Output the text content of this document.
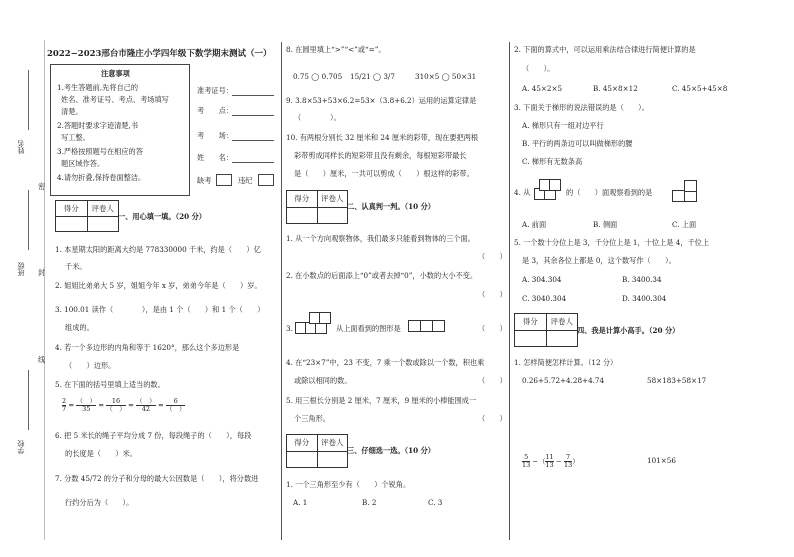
姓名
班级
学校
密
封
线
2022−2023邢台市隆庄小学四年级下数学期末测试（一）
注意事项
1.考生答题前,先将自己的
姓名、准考证号、考点、考场填写
清楚。
2.答题时要求字迹清楚,书
写工整。
3.严格按照题号在相应的答
题区域作答。
4.请勿折叠,保持卷面整洁。
准考证号：
考　　点：
考　　场：
姓　　名：
缺考	违纪
得分	评卷人
一、用心填一填。（20 分）
1. 本星期太阳的距离大约是 778330000 千米，约是（　　）亿
千米。
2. 姐姐比弟弟大 5 岁，姐姐今年 x 岁，弟弟今年是（　　）岁。
3. 100.01 读作（　　　　），是由 1 个（　　）和 1 个（　　）
组成的。
4. 若一个多边形的内角和等于 1620°，那么这个多边形是
（　　）边形。
5. 在下面的括号里填上适当的数。
$\frac{2}{7} = \frac{( )}{35} = \frac{16}{( )} = \frac{( )}{42} = \frac{6}{( )}$
6. 把 5 米长的绳子平均分成 7 份，每段绳子的（　　），每段
的长度是（　　）米。
7. 分数 45/72 的分子和分母的最大公因数是（　　），将分数进
行约分后为（　　）。
8. 在圆里填上“>”“<”或“=”。
0.75 ◯ 0.705 15/21 ◯ 3/7	310×5 ◯ 50×31
9. 3.8×53+53×6.2=53×（3.8+6.2）运用的运算定律是
（　　　　）。
10. 有两根分别长 32 厘米和 24 厘米的彩带，现在要把两根
彩带剪成同样长的短彩带且没有剩余，每根短彩带最长
是（　　）厘米，一共可以剪成（　　）根这样的彩带。
得分	评卷人
二、认真判一判。（10 分）
1. 从一个方向观察物体，我们最多只能看到物体的三个面。
（　　）
2. 在小数点的后面添上“0”或者去掉“0”，小数的大小不变。
（　　）
3.	从上面看到的图形是	（　　）
4. 在“23×7”中，23 不变，7 乘一个数或除以一个数，积也乘
或除以相同的数。	（　　）
5. 用三根长分别是 2 厘米，7 厘米，9 厘米的小棒能围成一
个三角形。	（　　）
得分	评卷人
三、仔细选一选。（10 分）
1. 一个三角形至少有（　　）个锐角。
A. 1	B. 2	C. 3
2. 下面的算式中，可以运用乘法结合律进行简便计算的是
（　　）。
A. 45×2×5	B. 45×8×12	C. 45×5+45×8
3. 下面关于梯形的说法错误的是（　　）。
A. 梯形只有一组对边平行
B. 平行的两条边可以叫做梯形的腰
C. 梯形有无数条高
4. 从	的（　　）面观察看到的是
A. 前面	B. 侧面	C. 上面
5. 一个数十分位上是 3，千分位上是 1，十位上是 4，千位上
是 3，其余各位上都是 0，这个数写作（　　）。
A. 304.304	B. 3400.34
C. 3040.304	D. 3400.304
得分	评卷人
四、我是计算小高手。（20 分）
1. 怎样简便怎样计算。（12 分）
0.26+5.72+4.28+4.74	58×183+58×17
$\frac{5}{13}$ −（ $\frac{11}{13} - \frac{7}{13}$ ）	101×56
